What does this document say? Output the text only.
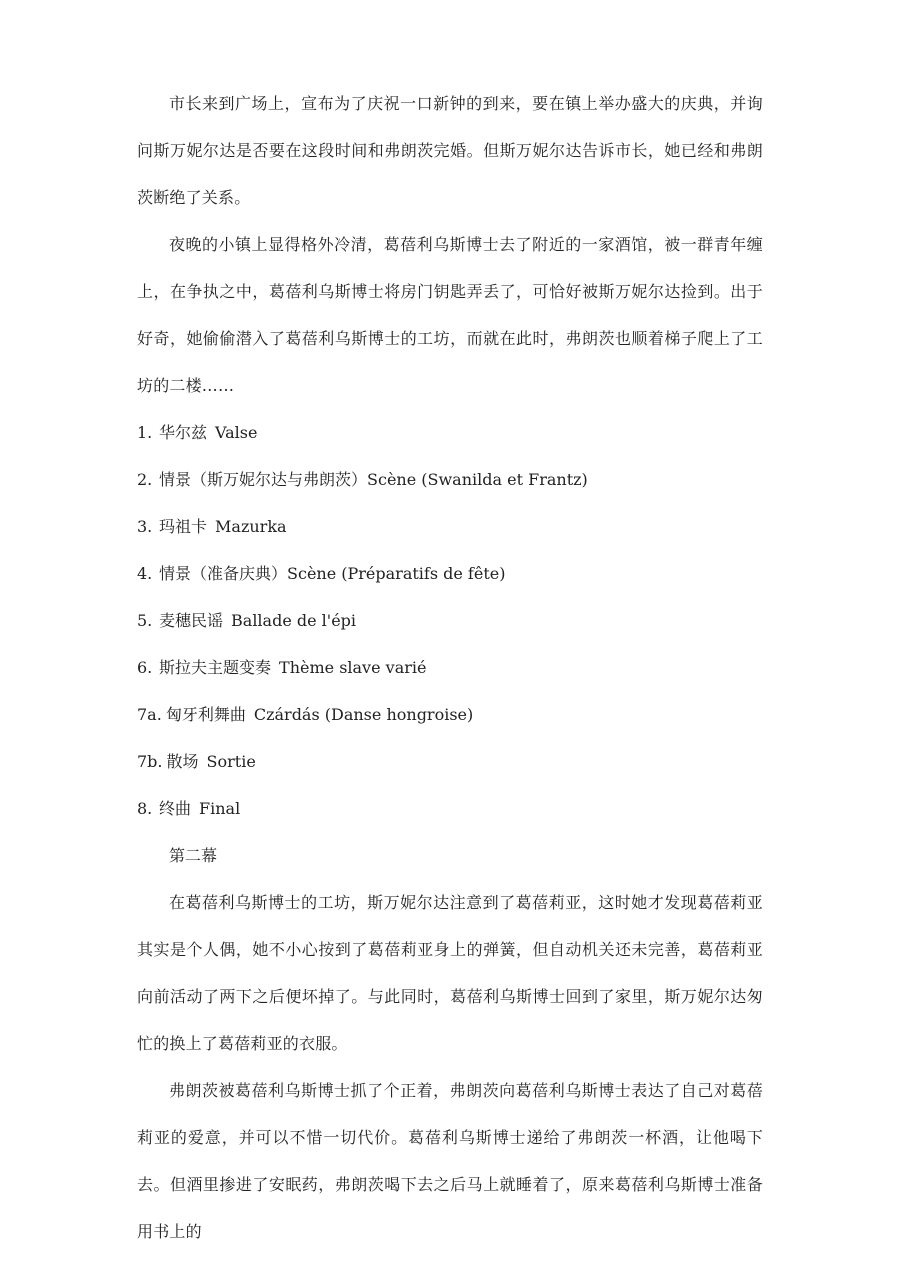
市长来到广场上，宣布为了庆祝一口新钟的到来，要在镇上举办盛大的庆典，并询问斯万妮尔达是否要在这段时间和弗朗茨完婚。但斯万妮尔达告诉市长，她已经和弗朗茨断绝了关系。

夜晚的小镇上显得格外冷清，葛蓓利乌斯博士去了附近的一家酒馆，被一群青年缠上，在争执之中，葛蓓利乌斯博士将房门钥匙弄丢了，可恰好被斯万妮尔达捡到。出于好奇，她偷偷潜入了葛蓓利乌斯博士的工坊，而就在此时，弗朗茨也顺着梯子爬上了工坊的二楼……

1. 华尔兹 Valse
2. 情景（斯万妮尔达与弗朗茨）Scène (Swanilda et Frantz)
3. 玛祖卡 Mazurka
4. 情景（准备庆典）Scène (Préparatifs de fête)
5. 麦穗民谣 Ballade de l'épi
6. 斯拉夫主题变奏 Thème slave varié
7a. 匈牙利舞曲 Czárdás (Danse hongroise)
7b. 散场 Sortie
8. 终曲 Final
第二幕

在葛蓓利乌斯博士的工坊，斯万妮尔达注意到了葛蓓莉亚，这时她才发现葛蓓莉亚其实是个人偶，她不小心按到了葛蓓莉亚身上的弹簧，但自动机关还未完善，葛蓓莉亚向前活动了两下之后便坏掉了。与此同时，葛蓓利乌斯博士回到了家里，斯万妮尔达匆忙的换上了葛蓓莉亚的衣服。

弗朗茨被葛蓓利乌斯博士抓了个正着，弗朗茨向葛蓓利乌斯博士表达了自己对葛蓓莉亚的爱意，并可以不惜一切代价。葛蓓利乌斯博士递给了弗朗茨一杯酒，让他喝下去。但酒里掺进了安眠药，弗朗茨喝下去之后马上就睡着了，原来葛蓓利乌斯博士准备用书上的
